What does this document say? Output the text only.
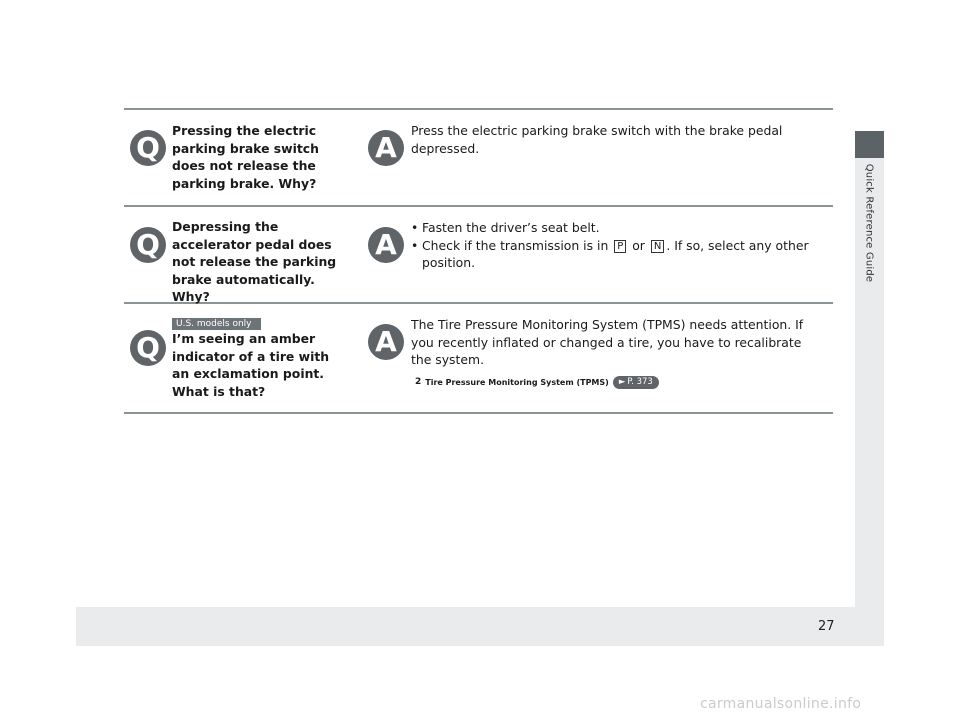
27
Quick Reference Guide
Q
Pressing the electric parking brake switch does not release the parking brake. Why?
A
Press the electric parking brake switch with the brake pedal depressed.
Q
Depressing the accelerator pedal does not release the parking brake automatically. Why?
A
• Fasten the driver’s seat belt.
• Check if the transmission is in P or N . If so, select any other position.
U.S. models only
Q I’m seeing an amber indicator of a tire with an exclamation point. What is that?
A
The Tire Pressure Monitoring System (TPMS) needs attention. If you recently inflated or changed a tire, you have to recalibrate the system.
2 Tire Pressure Monitoring System (TPMS) ► P. 373
carmanualsonline.info
